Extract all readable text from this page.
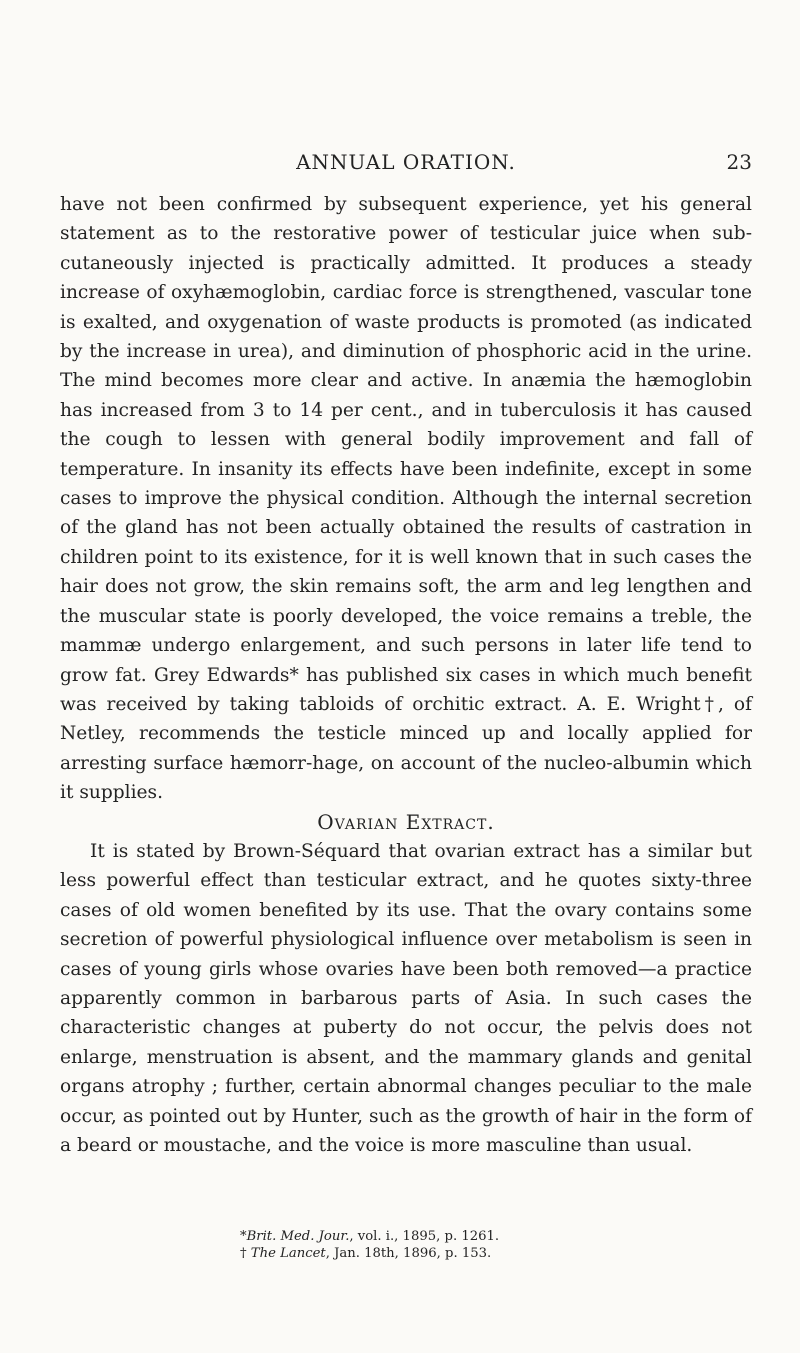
ANNUAL ORATION.	23

have not been confirmed by subsequent experience, yet his general statement as to the restorative power of testicular juice when sub-cutaneously injected is practically admitted. It produces a steady increase of oxyhæmoglobin, cardiac force is strengthened, vascular tone is exalted, and oxygenation of waste products is promoted (as indicated by the increase in urea), and diminution of phosphoric acid in the urine. The mind becomes more clear and active. In anæmia the hæmoglobin has increased from 3 to 14 per cent., and in tuberculosis it has caused the cough to lessen with general bodily improvement and fall of temperature. In insanity its effects have been indefinite, except in some cases to improve the physical condition. Although the internal secretion of the gland has not been actually obtained the results of castration in children point to its existence, for it is well known that in such cases the hair does not grow, the skin remains soft, the arm and leg lengthen and the muscular state is poorly developed, the voice remains a treble, the mammæ undergo enlargement, and such persons in later life tend to grow fat. Grey Edwards* has published six cases in which much benefit was received by taking tabloids of orchitic extract. A. E. Wright†, of Netley, recommends the testicle minced up and locally applied for arresting surface hæmorr-hage, on account of the nucleo-albumin which it supplies.

Ovarian Extract.

It is stated by Brown-Séquard that ovarian extract has a similar but less powerful effect than testicular extract, and he quotes sixty-three cases of old women benefited by its use. That the ovary contains some secretion of powerful physiological influence over metabolism is seen in cases of young girls whose ovaries have been both removed—a practice apparently common in barbarous parts of Asia. In such cases the characteristic changes at puberty do not occur, the pelvis does not enlarge, menstruation is absent, and the mammary glands and genital organs atrophy ; further, certain abnormal changes peculiar to the male occur, as pointed out by Hunter, such as the growth of hair in the form of a beard or moustache, and the voice is more masculine than usual.

*Brit. Med. Jour., vol. i., 1895, p. 1261.
† The Lancet, Jan. 18th, 1896, p. 153.
